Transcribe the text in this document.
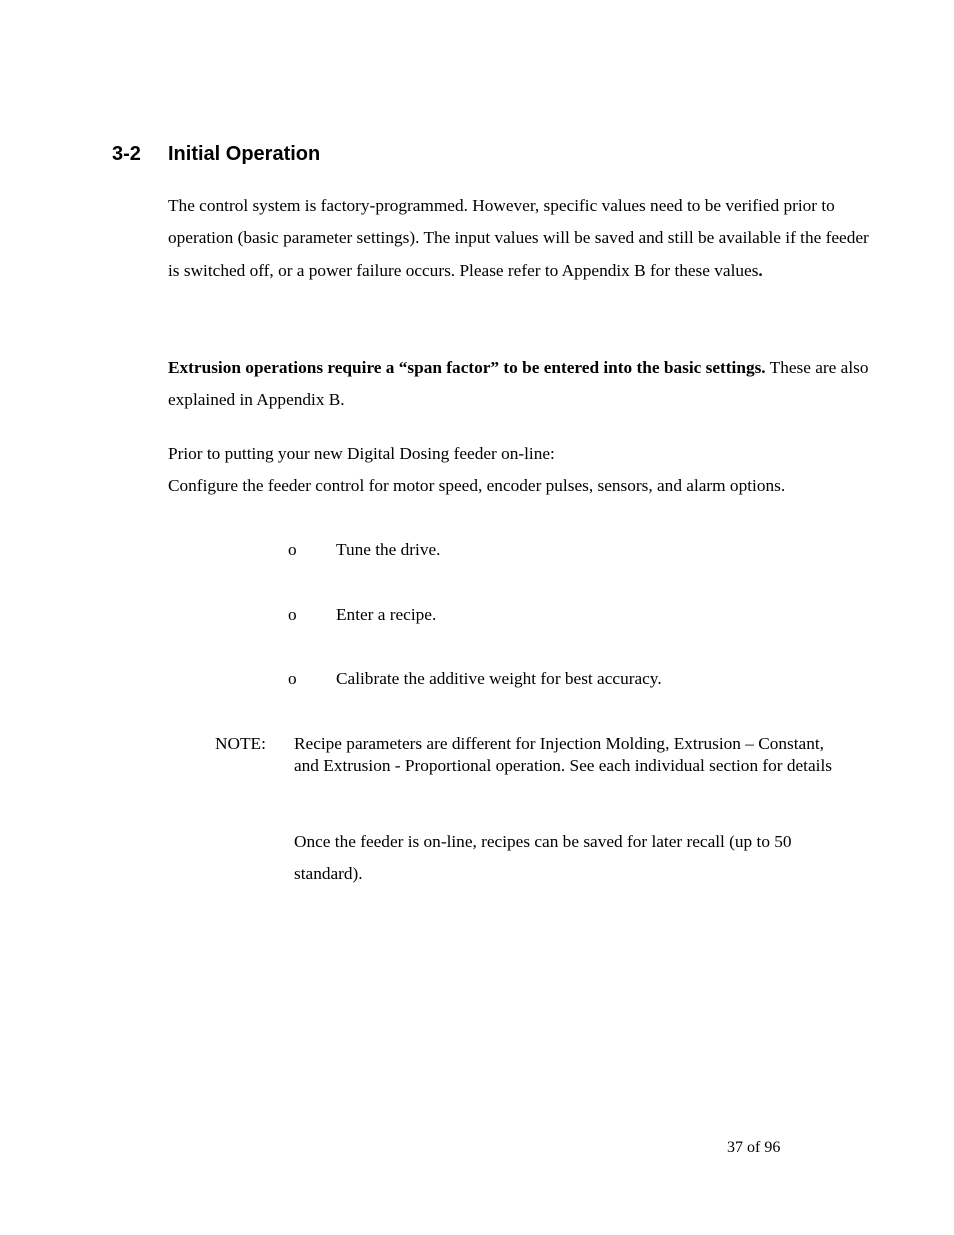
3-2 Initial Operation
The control system is factory-programmed. However, specific values need to be verified prior to operation (basic parameter settings). The input values will be saved and still be available if the feeder is switched off, or a power failure occurs. Please refer to Appendix B for these values.
Extrusion operations require a “span factor” to be entered into the basic settings. These are also explained in Appendix B.
Prior to putting your new Digital Dosing feeder on-line:
Configure the feeder control for motor speed, encoder pulses, sensors, and alarm options.
o Tune the drive.
o Enter a recipe.
o Calibrate the additive weight for best accuracy.
NOTE: Recipe parameters are different for Injection Molding, Extrusion – Constant, and Extrusion - Proportional operation. See each individual section for details
Once the feeder is on-line, recipes can be saved for later recall (up to 50 standard).
37 of 96
